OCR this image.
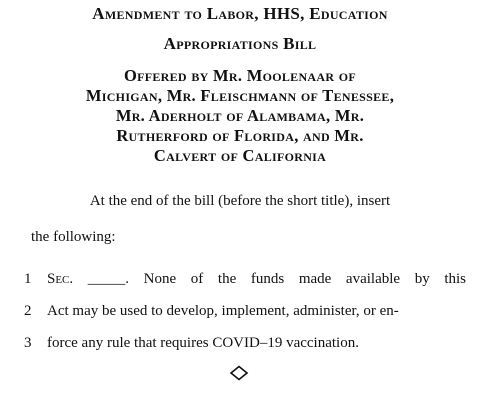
Amendment to Labor, HHS, Education
Appropriations Bill
Offered by Mr. Moolenaar of
Michigan, Mr. Fleischmann of Tenessee,
Mr. Aderholt of Alambama, Mr.
Rutherford of Florida, and Mr.
Calvert of California

At the end of the bill (before the short title), insert

the following:

1	Sec. _____. None of the funds made available by this
2	Act may be used to develop, implement, administer, or en-
3	force any rule that requires COVID–19 vaccination.
